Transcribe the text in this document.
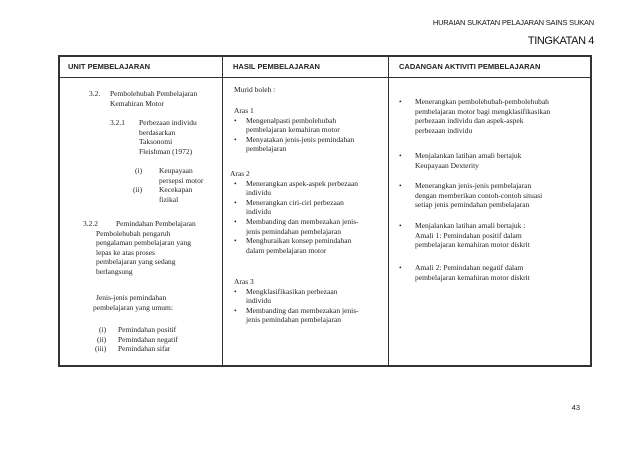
HURAIAN SUKATAN PELAJARAN SAINS SUKAN
TINGKATAN 4
UNIT PEMBELAJARAN	HASIL PEMBELAJARAN	CADANGAN AKTIVITI PEMBELAJARAN
3.2. Pembolehubah Pembelajaran
Kemahiran Motor
3.2.1 Perbezaan individu
berdasarkan
Taksonomi
Fleishman (1972)
(i) Keupayaan
persepsi motor
(ii) Kecekapan
fizikal
3.2.2 Pemindahan Pembelajaran
Pembolehubah pengaruh
pengalaman pembelajaran yang
lepas ke atas proses
pembelajaran yang sedang
berlangsung
Jenis-jenis pemindahan
pembelajaran yang umum:
(i) Pemindahan positif
(ii) Pemindahan negatif
(iii) Pemindahan sifar
Murid boleh :
Aras 1
• Mengenalpasti pembolehubah
pembelajaran kemahiran motor
• Menyatakan jenis-jenis pemindahan
pembelajaran
Aras 2
• Menerangkan aspek-aspek perbezaan
individu
• Menerangkan ciri-ciri perbezaan
individu
• Membanding dan membezakan jenis-
jenis pemindahan pembelajaran
• Menghuraikan konsep pemindahan
dalam pembelajaran motor
Aras 3
• Mengklasifikasikan perbezaan
individu
• Membanding dan membezakan jenis-
jenis pemindahan pembelajaran
• Menerangkan pembolehubah-pembolehubah
pembelajaran motor bagi mengklasifikasikan
perbezaan individu dan aspek-aspek
perbezaan individu
• Menjalankan latihan amali bertajuk
Keupayaan Dexterity
• Menerangkan jenis-jenis pembelajaran
dengan memberikan contoh-contoh situasi
setiap jenis pemindahan pembelajaran
• Menjalankan latihan amali bertajuk :
Amali 1: Pemindahan positif dalam
pembelajaran kemahiran motor diskrit
• Amali 2: Pemindahan negatif dalam
pembelajaran kemahiran motor diskrit
43
